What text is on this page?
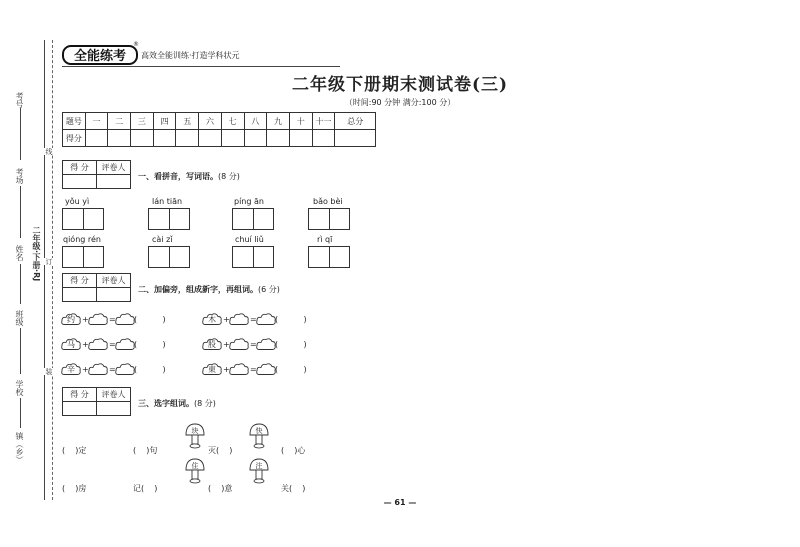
考号
考场
姓名
班级
学校
镇（乡）
二年级·下册·RJ
线
订
装
全能练考
®
高效全能训练·打造学科状元
二年级下册期末测试卷(三)
（时间:90 分钟 满分:100 分）
题号	一	二	三	四	五	六	七	八	九	十	十一	总分
得分												
得 分	评卷人

一、看拼音，写词语。(8 分)
yǒu yì	lán tiān	píng ān	bǎo bèi
qióng rén	cài zǐ	chuí liǔ	rì qī
得 分	评卷人

二、加偏旁，组成新字，再组词。(6 分)
约 +	= (          )	木 +	= (          )
马 +	= (          )	股 +	= (          )
辛 +	= (          )	東 +	= (          )
得 分	评卷人

三、选字组词。(8 分)
块	快
住	注
(    )定	(    )句	灭(    )	(    )心
(    )房	记(    )	(    )意	关(    )
— 61 —
